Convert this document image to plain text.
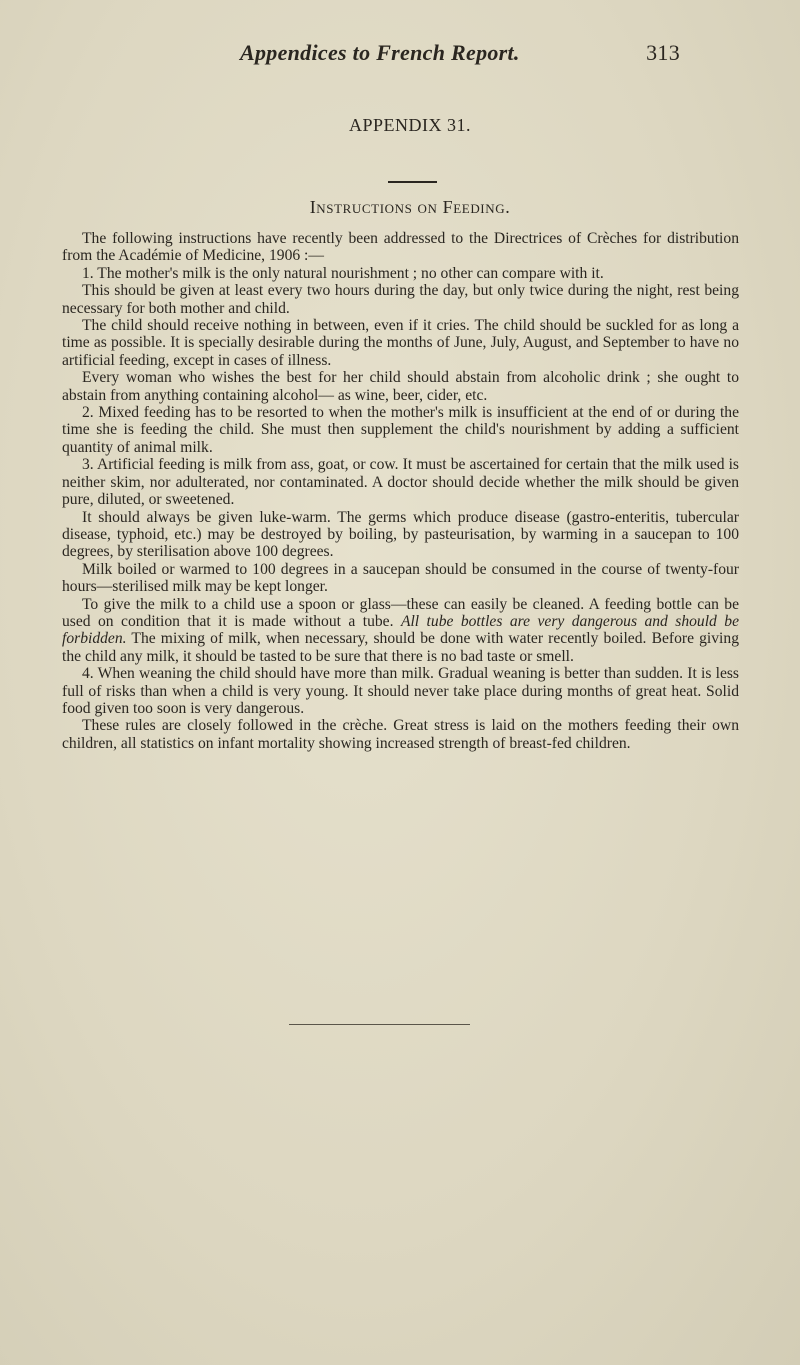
Appendices to French Report.	313
APPENDIX 31.
Instructions on Feeding.

The following instructions have recently been addressed to the Directrices of Crèches for distribution from the Académie of Medicine, 1906 :—

1. The mother's milk is the only natural nourishment ; no other can compare with it.

This should be given at least every two hours during the day, but only twice during the night, rest being necessary for both mother and child.

The child should receive nothing in between, even if it cries. The child should be suckled for as long a time as possible. It is specially desirable during the months of June, July, August, and September to have no artificial feeding, except in cases of illness.

Every woman who wishes the best for her child should abstain from alcoholic drink ; she ought to abstain from anything containing alcohol— as wine, beer, cider, etc.

2. Mixed feeding has to be resorted to when the mother's milk is insufficient at the end of or during the time she is feeding the child. She must then supplement the child's nourishment by adding a sufficient quantity of animal milk.

3. Artificial feeding is milk from ass, goat, or cow. It must be ascertained for certain that the milk used is neither skim, nor adulterated, nor contaminated. A doctor should decide whether the milk should be given pure, diluted, or sweetened.

It should always be given luke-warm. The germs which produce disease (gastro-enteritis, tubercular disease, typhoid, etc.) may be destroyed by boiling, by pasteurisation, by warming in a saucepan to 100 degrees, by sterilisation above 100 degrees.

Milk boiled or warmed to 100 degrees in a saucepan should be consumed in the course of twenty-four hours—sterilised milk may be kept longer.

To give the milk to a child use a spoon or glass—these can easily be cleaned. A feeding bottle can be used on condition that it is made without a tube. All tube bottles are very dangerous and should be forbidden. The mixing of milk, when necessary, should be done with water recently boiled. Before giving the child any milk, it should be tasted to be sure that there is no bad taste or smell.

4. When weaning the child should have more than milk. Gradual weaning is better than sudden. It is less full of risks than when a child is very young. It should never take place during months of great heat. Solid food given too soon is very dangerous.

These rules are closely followed in the crèche. Great stress is laid on the mothers feeding their own children, all statistics on infant mortality showing increased strength of breast-fed children.
